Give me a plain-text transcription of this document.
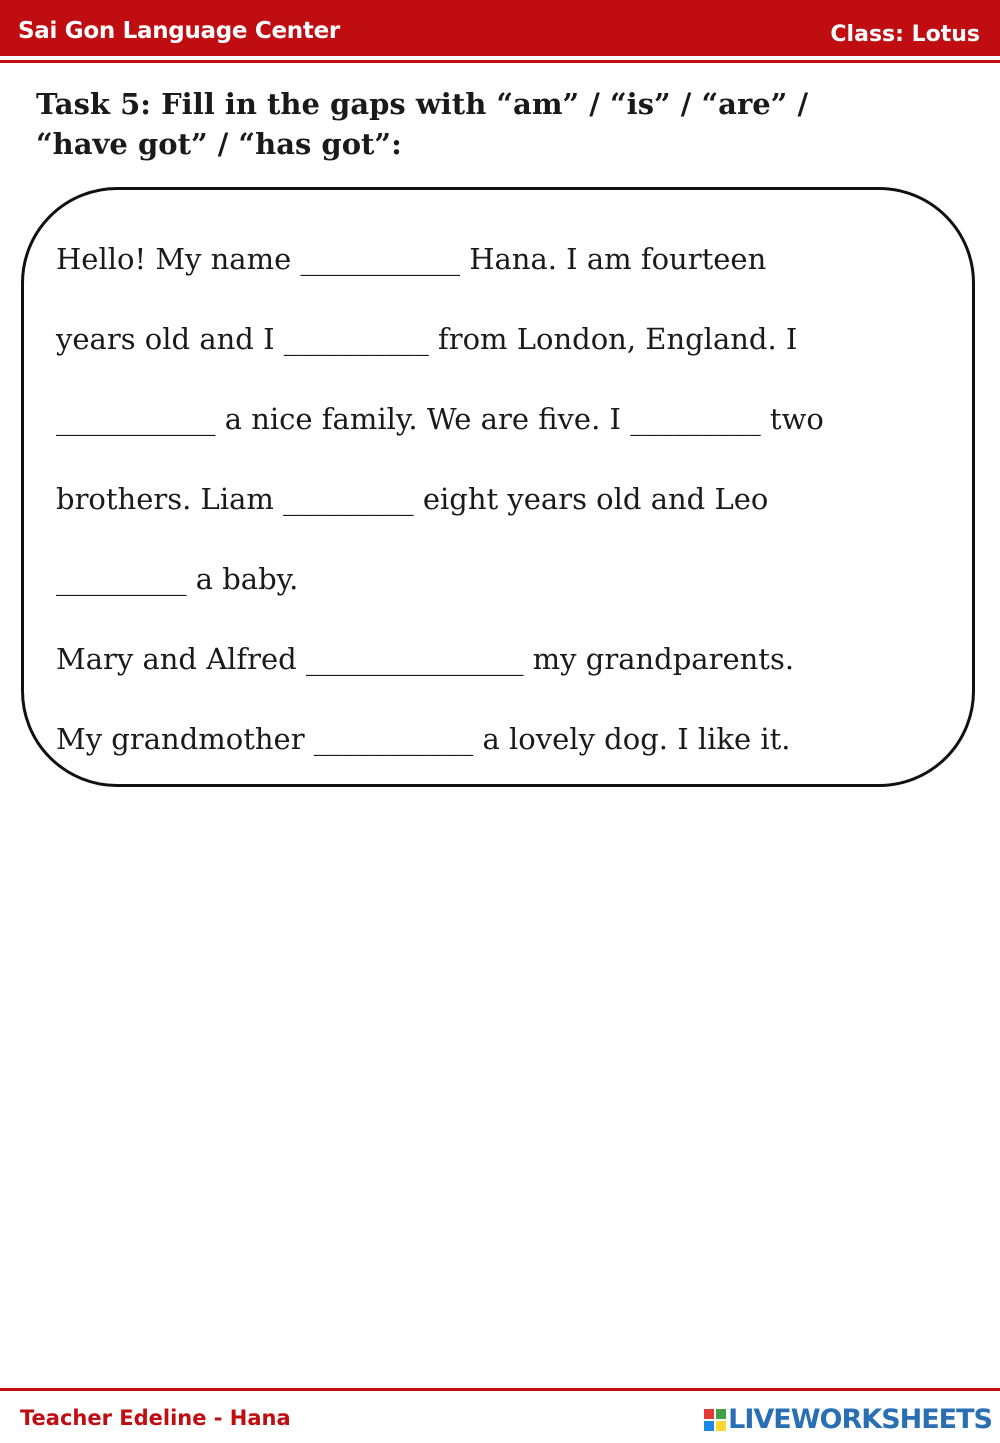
Sai Gon Language Center	Class: Lotus
Task 5: Fill in the gaps with “am” / “is” / “are” /
“have got” / “has got”:
Hello! My name ___________ Hana. I am fourteen
years old and I __________ from London, England. I
___________ a nice family. We are five. I _________ two
brothers. Liam _________ eight years old and Leo
_________ a baby.
Mary and Alfred _______________ my grandparents.
My grandmother ___________ a lovely dog. I like it.
Teacher Edeline - Hana	LIVEWORKSHEETS
